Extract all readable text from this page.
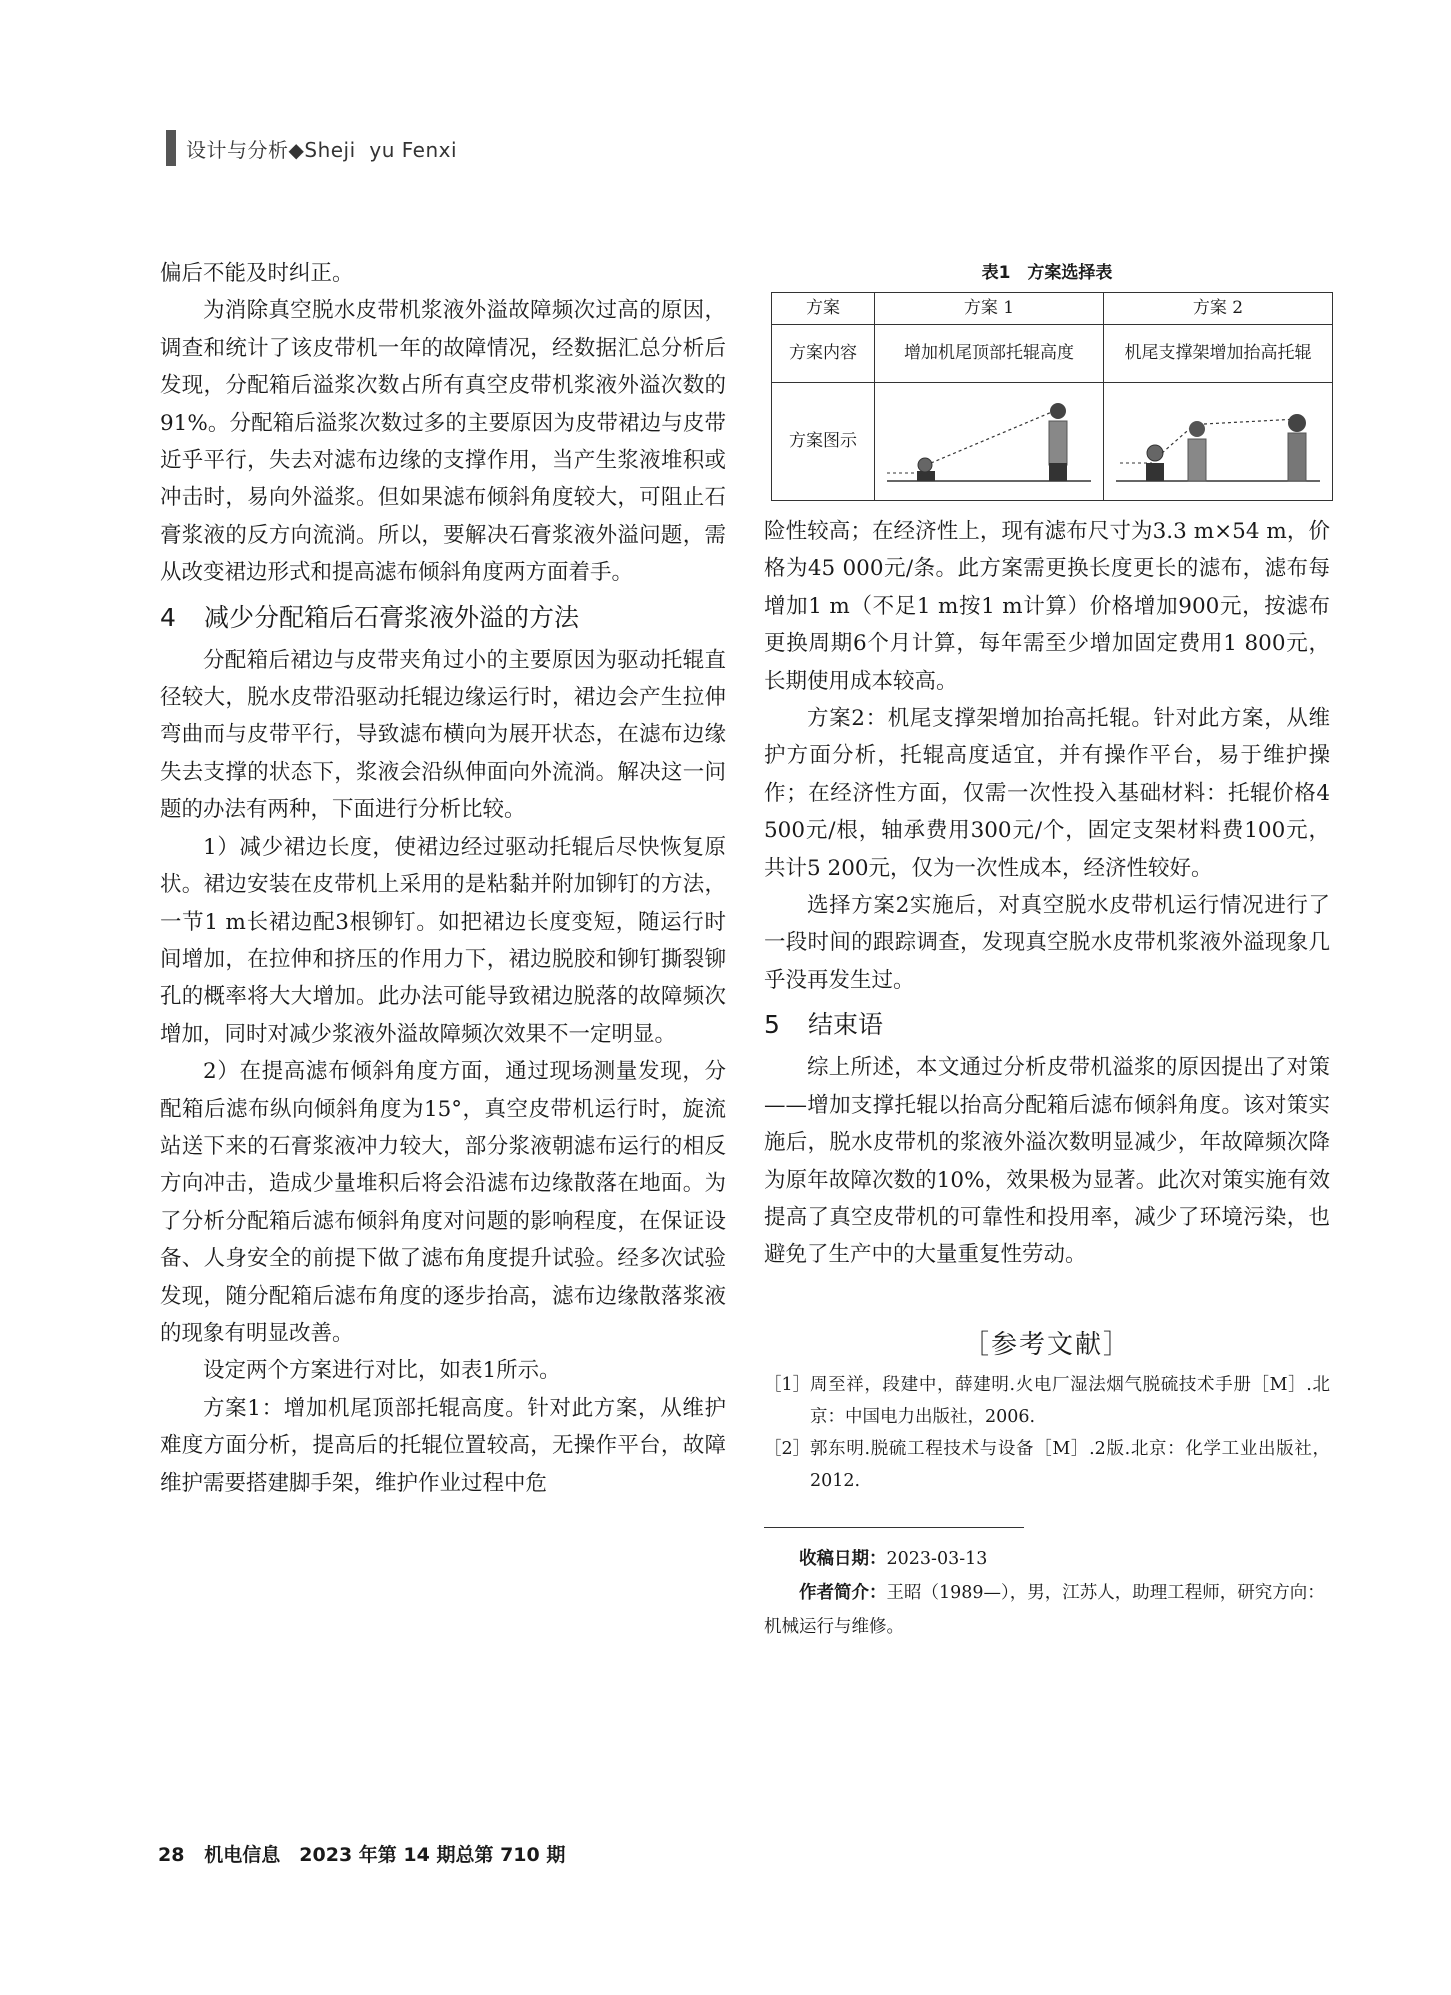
设计与分析◆Sheji  yu Fenxi

偏后不能及时纠正。

为消除真空脱水皮带机浆液外溢故障频次过高的原因，调查和统计了该皮带机一年的故障情况，经数据汇总分析后发现，分配箱后溢浆次数占所有真空皮带机浆液外溢次数的91%。分配箱后溢浆次数过多的主要原因为皮带裙边与皮带近乎平行，失去对滤布边缘的支撑作用，当产生浆液堆积或冲击时，易向外溢浆。但如果滤布倾斜角度较大，可阻止石膏浆液的反方向流淌。所以，要解决石膏浆液外溢问题，需从改变裙边形式和提高滤布倾斜角度两方面着手。

4	减少分配箱后石膏浆液外溢的方法

分配箱后裙边与皮带夹角过小的主要原因为驱动托辊直径较大，脱水皮带沿驱动托辊边缘运行时，裙边会产生拉伸弯曲而与皮带平行，导致滤布横向为展开状态，在滤布边缘失去支撑的状态下，浆液会沿纵伸面向外流淌。解决这一问题的办法有两种，下面进行分析比较。

1）减少裙边长度，使裙边经过驱动托辊后尽快恢复原状。裙边安装在皮带机上采用的是粘黏并附加铆钉的方法，一节1 m长裙边配3根铆钉。如把裙边长度变短，随运行时间增加，在拉伸和挤压的作用力下，裙边脱胶和铆钉撕裂铆孔的概率将大大增加。此办法可能导致裙边脱落的故障频次增加，同时对减少浆液外溢故障频次效果不一定明显。

2）在提高滤布倾斜角度方面，通过现场测量发现，分配箱后滤布纵向倾斜角度为15°，真空皮带机运行时，旋流站送下来的石膏浆液冲力较大，部分浆液朝滤布运行的相反方向冲击，造成少量堆积后将会沿滤布边缘散落在地面。为了分析分配箱后滤布倾斜角度对问题的影响程度，在保证设备、人身安全的前提下做了滤布角度提升试验。经多次试验发现，随分配箱后滤布角度的逐步抬高，滤布边缘散落浆液的现象有明显改善。

设定两个方案进行对比，如表1所示。

方案1：增加机尾顶部托辊高度。针对此方案，从维护难度方面分析，提高后的托辊位置较高，无操作平台，故障维护需要搭建脚手架，维护作业过程中危

表1　方案选择表
方案	方案 1	方案 2
方案内容	增加机尾顶部托辊高度	机尾支撑架增加抬高托辊
方案图示	

险性较高；在经济性上，现有滤布尺寸为3.3 m×54 m，价格为45 000元/条。此方案需更换长度更长的滤布，滤布每增加1 m（不足1 m按1 m计算）价格增加900元，按滤布更换周期6个月计算，每年需至少增加固定费用1 800元，长期使用成本较高。

方案2：机尾支撑架增加抬高托辊。针对此方案，从维护方面分析，托辊高度适宜，并有操作平台，易于维护操作；在经济性方面，仅需一次性投入基础材料：托辊价格4 500元/根，轴承费用300元/个，固定支架材料费100元，共计5 200元，仅为一次性成本，经济性较好。

选择方案2实施后，对真空脱水皮带机运行情况进行了一段时间的跟踪调查，发现真空脱水皮带机浆液外溢现象几乎没再发生过。

5	结束语

综上所述，本文通过分析皮带机溢浆的原因提出了对策——增加支撑托辊以抬高分配箱后滤布倾斜角度。该对策实施后，脱水皮带机的浆液外溢次数明显减少，年故障频次降为原年故障次数的10%，效果极为显著。此次对策实施有效提高了真空皮带机的可靠性和投用率，减少了环境污染，也避免了生产中的大量重复性劳动。

［参考文献］
［1］ 周至祥，段建中，薛建明.火电厂湿法烟气脱硫技术手册［M］.北京：中国电力出版社，2006.
［2］ 郭东明.脱硫工程技术与设备［M］.2版.北京：化学工业出版社，2012.

收稿日期：2023-03-13

作者简介：王昭（1989—），男，江苏人，助理工程师，研究方向：机械运行与维修。

28   机电信息　2023 年第 14 期总第 710 期
